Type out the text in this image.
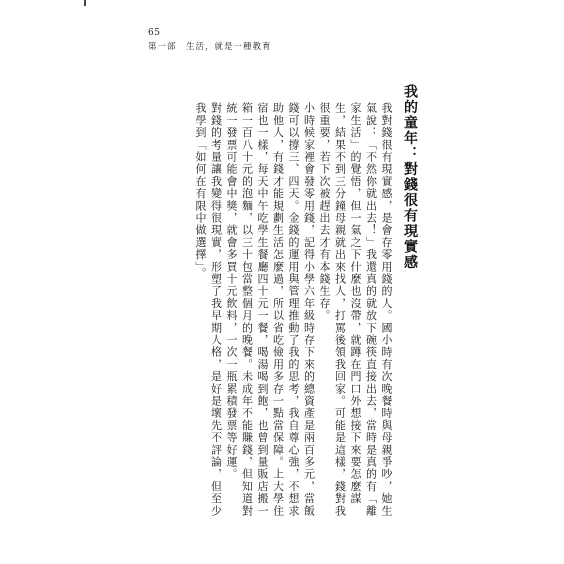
65
第一部　生活，就是一種教育
我的童年：對錢很有現實感

我對錢很有現實感，是會存零用錢的人。國小時有次晚餐時與母親爭吵，她生氣說：「不然你就出去！」我還真的就放下碗筷直接出去，當時是真的有「離家生活」的覺悟，但一氣之下什麼也沒帶，就蹲在門口外想接下來要怎麼謀生，結果不到三分鐘母親就出來找人，打罵後領我回家。可能是這樣，錢對我很重要，若下次被趕出去才有本錢生存。

小時候家裡會發零用錢，記得小學六年級時存下來的總資產是兩百多元，當飯錢可以撐三、四天。金錢的運用與管理推動了我的思考，我自尊心強，不想求助他人，有錢才能規劃生活怎麼過，所以省吃儉用多存一點當保障。上大學住宿也一樣，每天中午吃學生餐廳四十元一餐，喝湯喝到飽，也曾到量販店搬一箱一百八十元的泡麵，以三十包當整個月的晚餐。未成年不能賺錢，但知道對統一發票可能會中獎，就會多買十元飲料，一次一瓶累積發票等好運。

對錢的考量讓我變得很現實，形塑了我早期人格，是好是壞先不評論，但至少我學到「如何在有限中做選擇」。
